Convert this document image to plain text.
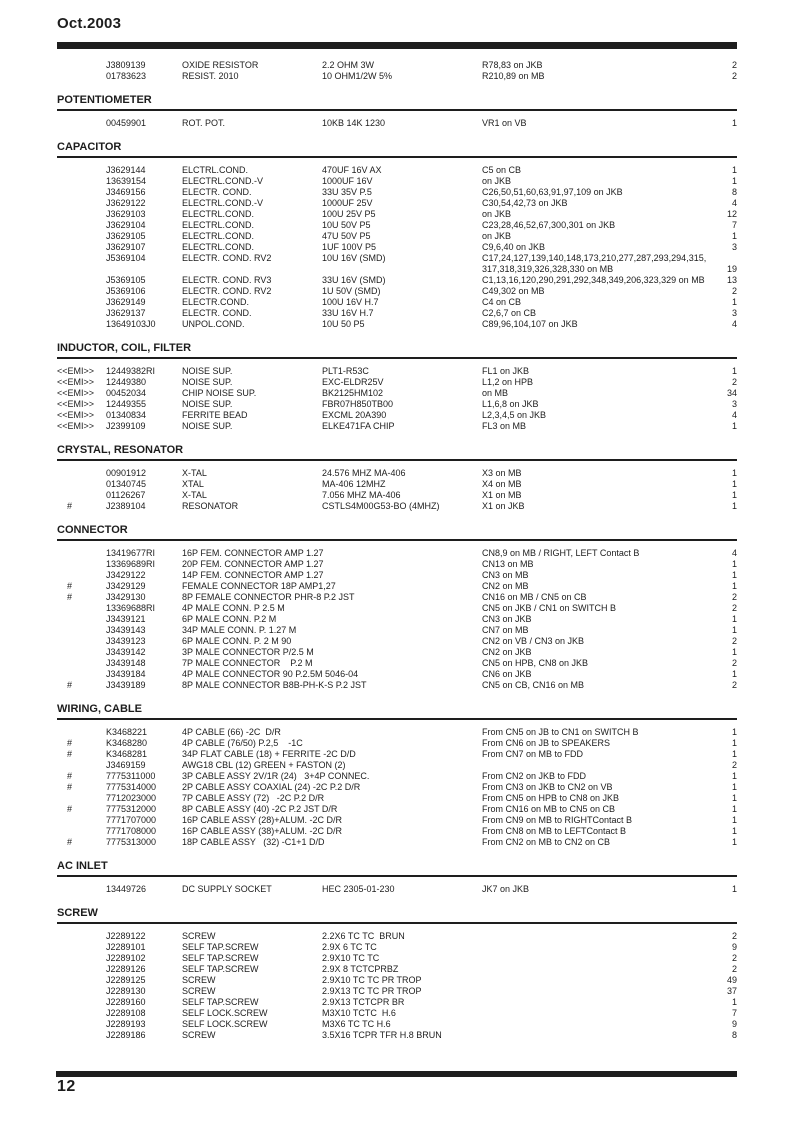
Oct.2003
J3809139	OXIDE RESISTOR	2.2 OHM 3W	R78,83 on JKB	2
01783623	RESIST. 2010	10 OHM1/2W 5%	R210,89 on MB	2
POTENTIOMETER
00459901	ROT. POT.	10KB 14K 1230	VR1 on VB	1
CAPACITOR
J3629144	ELCTRL.COND.	470UF 16V AX	C5 on CB	1
13639154	ELECTRL.COND.-V	1000UF 16V	on JKB	1
J3469156	ELECTR. COND.	33U 35V P.5	C26,50,51,60,63,91,97,109 on JKB	8
J3629122	ELECTRL.COND.-V	1000UF 25V	C30,54,42,73 on JKB	4
J3629103	ELECTRL.COND.	100U 25V P5	on JKB	12
J3629104	ELECTRL.COND.	10U 50V P5	C23,28,46,52,67,300,301 on JKB	7
J3629105	ELECTRL.COND.	47U 50V P5	on JKB	1
J3629107	ELECTRL.COND.	1UF 100V P5	C9,6,40 on JKB	3
J5369104	ELECTR. COND. RV2	10U 16V (SMD)	C17,24,127,139,140,148,173,210,277,287,293,294,315,
317,318,319,326,328,330 on MB	19
J5369105	ELECTR. COND. RV3	33U 16V (SMD)	C1,13,16,120,290,291,292,348,349,206,323,329 on MB	13
J5369106	ELECTR. COND. RV2	1U 50V (SMD)	C49,302 on MB	2
J3629149	ELECTR.COND.	100U 16V H.7	C4 on CB	1
J3629137	ELECTR. COND.	33U 16V H.7	C2,6,7 on CB	3
13649103J0	UNPOL.COND.	10U 50 P5	C89,96,104,107 on JKB	4
INDUCTOR, COIL, FILTER
<<EMI>>	12449382RI	NOISE SUP.	PLT1-R53C	FL1 on JKB	1
<<EMI>>	12449380	NOISE SUP.	EXC-ELDR25V	L1,2 on HPB	2
<<EMI>>	00452034	CHIP NOISE SUP.	BK2125HM102	on MB	34
<<EMI>>	12449355	NOISE SUP.	FBR07H850TB00	L1,6,8 on JKB	3
<<EMI>>	01340834	FERRITE BEAD	EXCML 20A390	L2,3,4,5 on JKB	4
<<EMI>>	J2399109	NOISE SUP.	ELKE471FA CHIP	FL3 on MB	1
CRYSTAL, RESONATOR
00901912	X-TAL	24.576 MHZ MA-406	X3 on MB	1
01340745	XTAL	MA-406 12MHZ	X4 on MB	1
01126267	X-TAL	7.056 MHZ MA-406	X1 on MB	1
#	J2389104	RESONATOR	CSTLS4M00G53-BO (4MHZ)	X1 on JKB	1
CONNECTOR
13419677RI	16P FEM. CONNECTOR AMP 1.27	CN8,9 on MB / RIGHT, LEFT Contact B	4
13369689RI	20P FEM. CONNECTOR AMP 1.27	CN13 on MB	1
J3429122	14P FEM. CONNECTOR AMP 1.27	CN3 on MB	1
#	J3429129	FEMALE CONNECTOR 18P AMP1,27	CN2 on MB	1
#	J3429130	8P FEMALE CONNECTOR PHR-8 P.2 JST	CN16 on MB / CN5 on CB	2
13369688RI	4P MALE CONN. P 2.5 M	CN5 on JKB / CN1 on SWITCH B	2
J3439121	6P MALE CONN. P.2 M	CN3 on JKB	1
J3439143	34P MALE CONN. P. 1.27 M	CN7 on MB	1
J3439123	6P MALE CONN. P. 2 M 90	CN2 on VB / CN3 on JKB	2
J3439142	3P MALE CONNECTOR P/2.5 M	CN2 on JKB	1
J3439148	7P MALE CONNECTOR    P.2 M	CN5 on HPB, CN8 on JKB	2
J3439184	4P MALE CONNECTOR 90 P.2.5M 5046-04	CN6 on JKB	1
#	J3439189	8P MALE CONNECTOR B8B-PH-K-S P.2 JST	CN5 on CB, CN16 on MB	2
WIRING, CABLE
K3468221	4P CABLE (66) -2C  D/R	From CN5 on JB to CN1 on SWITCH B	1
#	K3468280	4P CABLE (76/50) P.2,5    -1C	From CN6 on JB to SPEAKERS	1
#	K3468281	34P FLAT CABLE (18) + FERRITE -2C D/D	From CN7 on MB to FDD	1
J3469159	AWG18 CBL (12) GREEN + FASTON (2)	2
#	7775311000	3P CABLE ASSY 2V/1R (24)   3+4P CONNEC.	From CN2 on JKB to FDD	1
#	7775314000	2P CABLE ASSY COAXIAL (24) -2C P.2 D/R	From CN3 on JKB to CN2 on VB	1
7712023000	7P CABLE ASSY (72)   -2C P.2 D/R	From CN5 on HPB to CN8 on JKB	1
#	7775312000	8P CABLE ASSY (40) -2C P.2 JST D/R	From CN16 on MB to CN5 on CB	1
7771707000	16P CABLE ASSY (28)+ALUM. -2C D/R	From CN9 on MB to RIGHTContact B	1
7771708000	16P CABLE ASSY (38)+ALUM. -2C D/R	From CN8 on MB to LEFTContact B	1
#	7775313000	18P CABLE ASSY   (32) -C1+1 D/D	From CN2 on MB to CN2 on CB	1
AC INLET
13449726	DC SUPPLY SOCKET	HEC 2305-01-230	JK7 on JKB	1
SCREW
J2289122	SCREW	2.2X6 TC TC  BRUN	2
J2289101	SELF TAP.SCREW	2.9X 6 TC TC	9
J2289102	SELF TAP.SCREW	2.9X10 TC TC	2
J2289126	SELF TAP.SCREW	2.9X 8 TCTCPRBZ	2
J2289125	SCREW	2.9X10 TC TC PR TROP	49
J2289130	SCREW	2.9X13 TC TC PR TROP	37
J2289160	SELF TAP.SCREW	2.9X13 TCTCPR BR	1
J2289108	SELF LOCK.SCREW	M3X10 TCTC  H.6	7
J2289193	SELF LOCK.SCREW	M3X6 TC TC H.6	9
J2289186	SCREW	3.5X16 TCPR TFR H.8 BRUN	8
12
